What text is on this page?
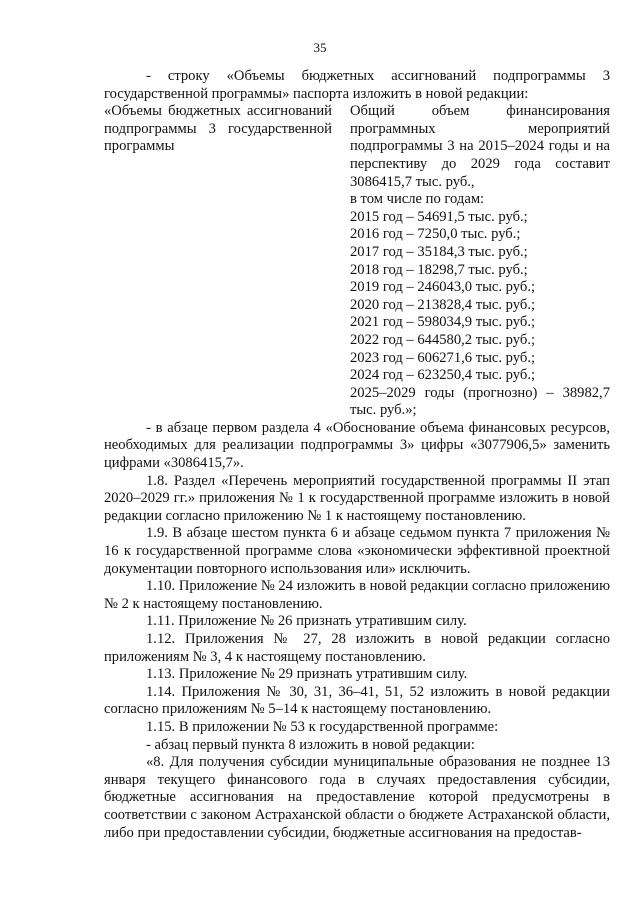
35

- строку «Объемы бюджетных ассигнований подпрограммы 3 государственной программы» паспорта изложить в новой редакции:

«Объемы бюджетных ассигнований подпрограммы 3 государственной программы
Общий объем финансирования программных мероприятий подпрограммы 3 на 2015–2024 годы и на перспективу до 2029 года составит 3086415,7 тыс. руб.,
в том числе по годам:
2015 год – 54691,5 тыс. руб.;
2016 год – 7250,0 тыс. руб.;
2017 год – 35184,3 тыс. руб.;
2018 год – 18298,7 тыс. руб.;
2019 год – 246043,0 тыс. руб.;
2020 год – 213828,4 тыс. руб.;
2021 год – 598034,9 тыс. руб.;
2022 год – 644580,2 тыс. руб.;
2023 год – 606271,6 тыс. руб.;
2024 год – 623250,4 тыс. руб.;
2025–2029 годы (прогнозно) – 38982,7 тыс. руб.»;

- в абзаце первом раздела 4 «Обоснование объема финансовых ресурсов, необходимых для реализации подпрограммы 3» цифры «3077906,5» заменить цифрами «3086415,7».

1.8. Раздел «Перечень мероприятий государственной программы II этап 2020–2029 гг.» приложения № 1 к государственной программе изложить в новой редакции согласно приложению № 1 к настоящему постановлению.

1.9. В абзаце шестом пункта 6 и абзаце седьмом пункта 7 приложения № 16 к государственной программе слова «экономически эффективной проектной документации повторного использования или» исключить.

1.10. Приложение № 24 изложить в новой редакции согласно приложению № 2 к настоящему постановлению.

1.11. Приложение № 26 признать утратившим силу.

1.12. Приложения № 27, 28 изложить в новой редакции согласно приложениям № 3, 4 к настоящему постановлению.

1.13. Приложение № 29 признать утратившим силу.

1.14. Приложения № 30, 31, 36–41, 51, 52 изложить в новой редакции согласно приложениям № 5–14 к настоящему постановлению.

1.15. В приложении № 53 к государственной программе:

- абзац первый пункта 8 изложить в новой редакции:

«8. Для получения субсидии муниципальные образования не позднее 13 января текущего финансового года в случаях предоставления субсидии, бюджетные ассигнования на предоставление которой предусмотрены в соответствии с законом Астраханской области о бюджете Астраханской области, либо при предоставлении субсидии, бюджетные ассигнования на предостав-
